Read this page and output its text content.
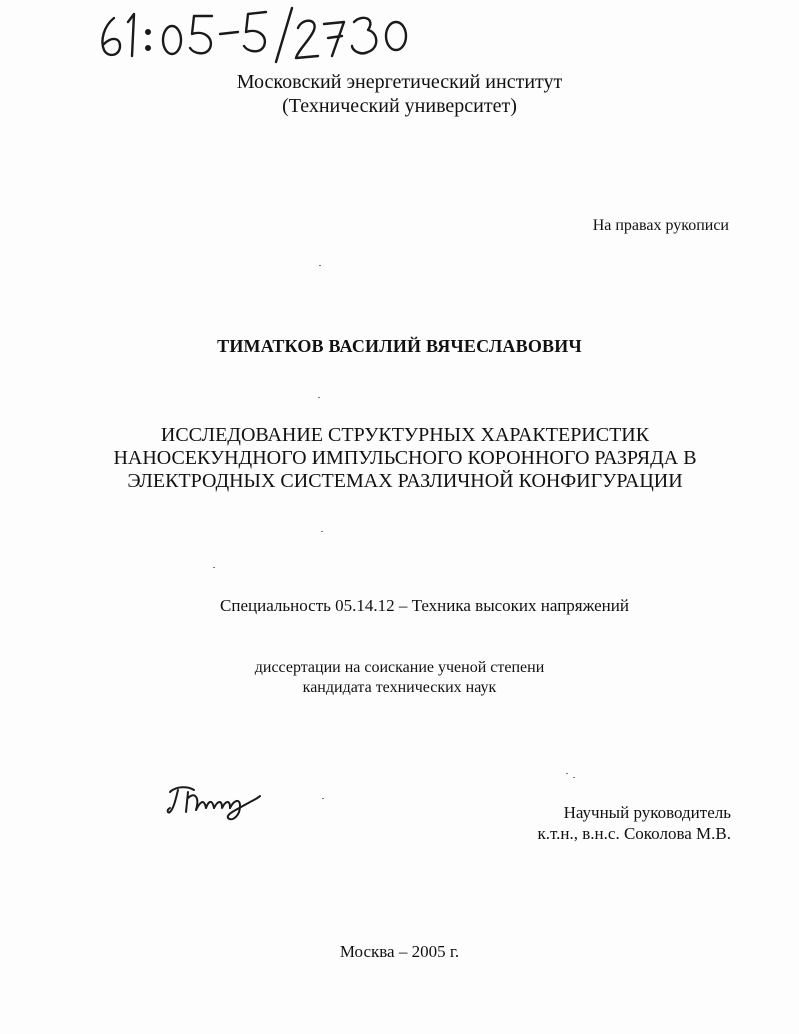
Московский энергетический институт
(Технический университет)
На правах рукописи
ТИМАТКОВ ВАСИЛИЙ ВЯЧЕСЛАВОВИЧ
ИССЛЕДОВАНИЕ СТРУКТУРНЫХ ХАРАКТЕРИСТИК
НАНОСЕКУНДНОГО ИМПУЛЬСНОГО КОРОННОГО РАЗРЯДА В
ЭЛЕКТРОДНЫХ СИСТЕМАХ РАЗЛИЧНОЙ КОНФИГУРАЦИИ
Специальность 05.14.12 – Техника высоких напряжений
диссертации на соискание ученой степени
кандидата технических наук
Научный руководитель
к.т.н., в.н.с. Соколова М.В.
Москва – 2005 г.
